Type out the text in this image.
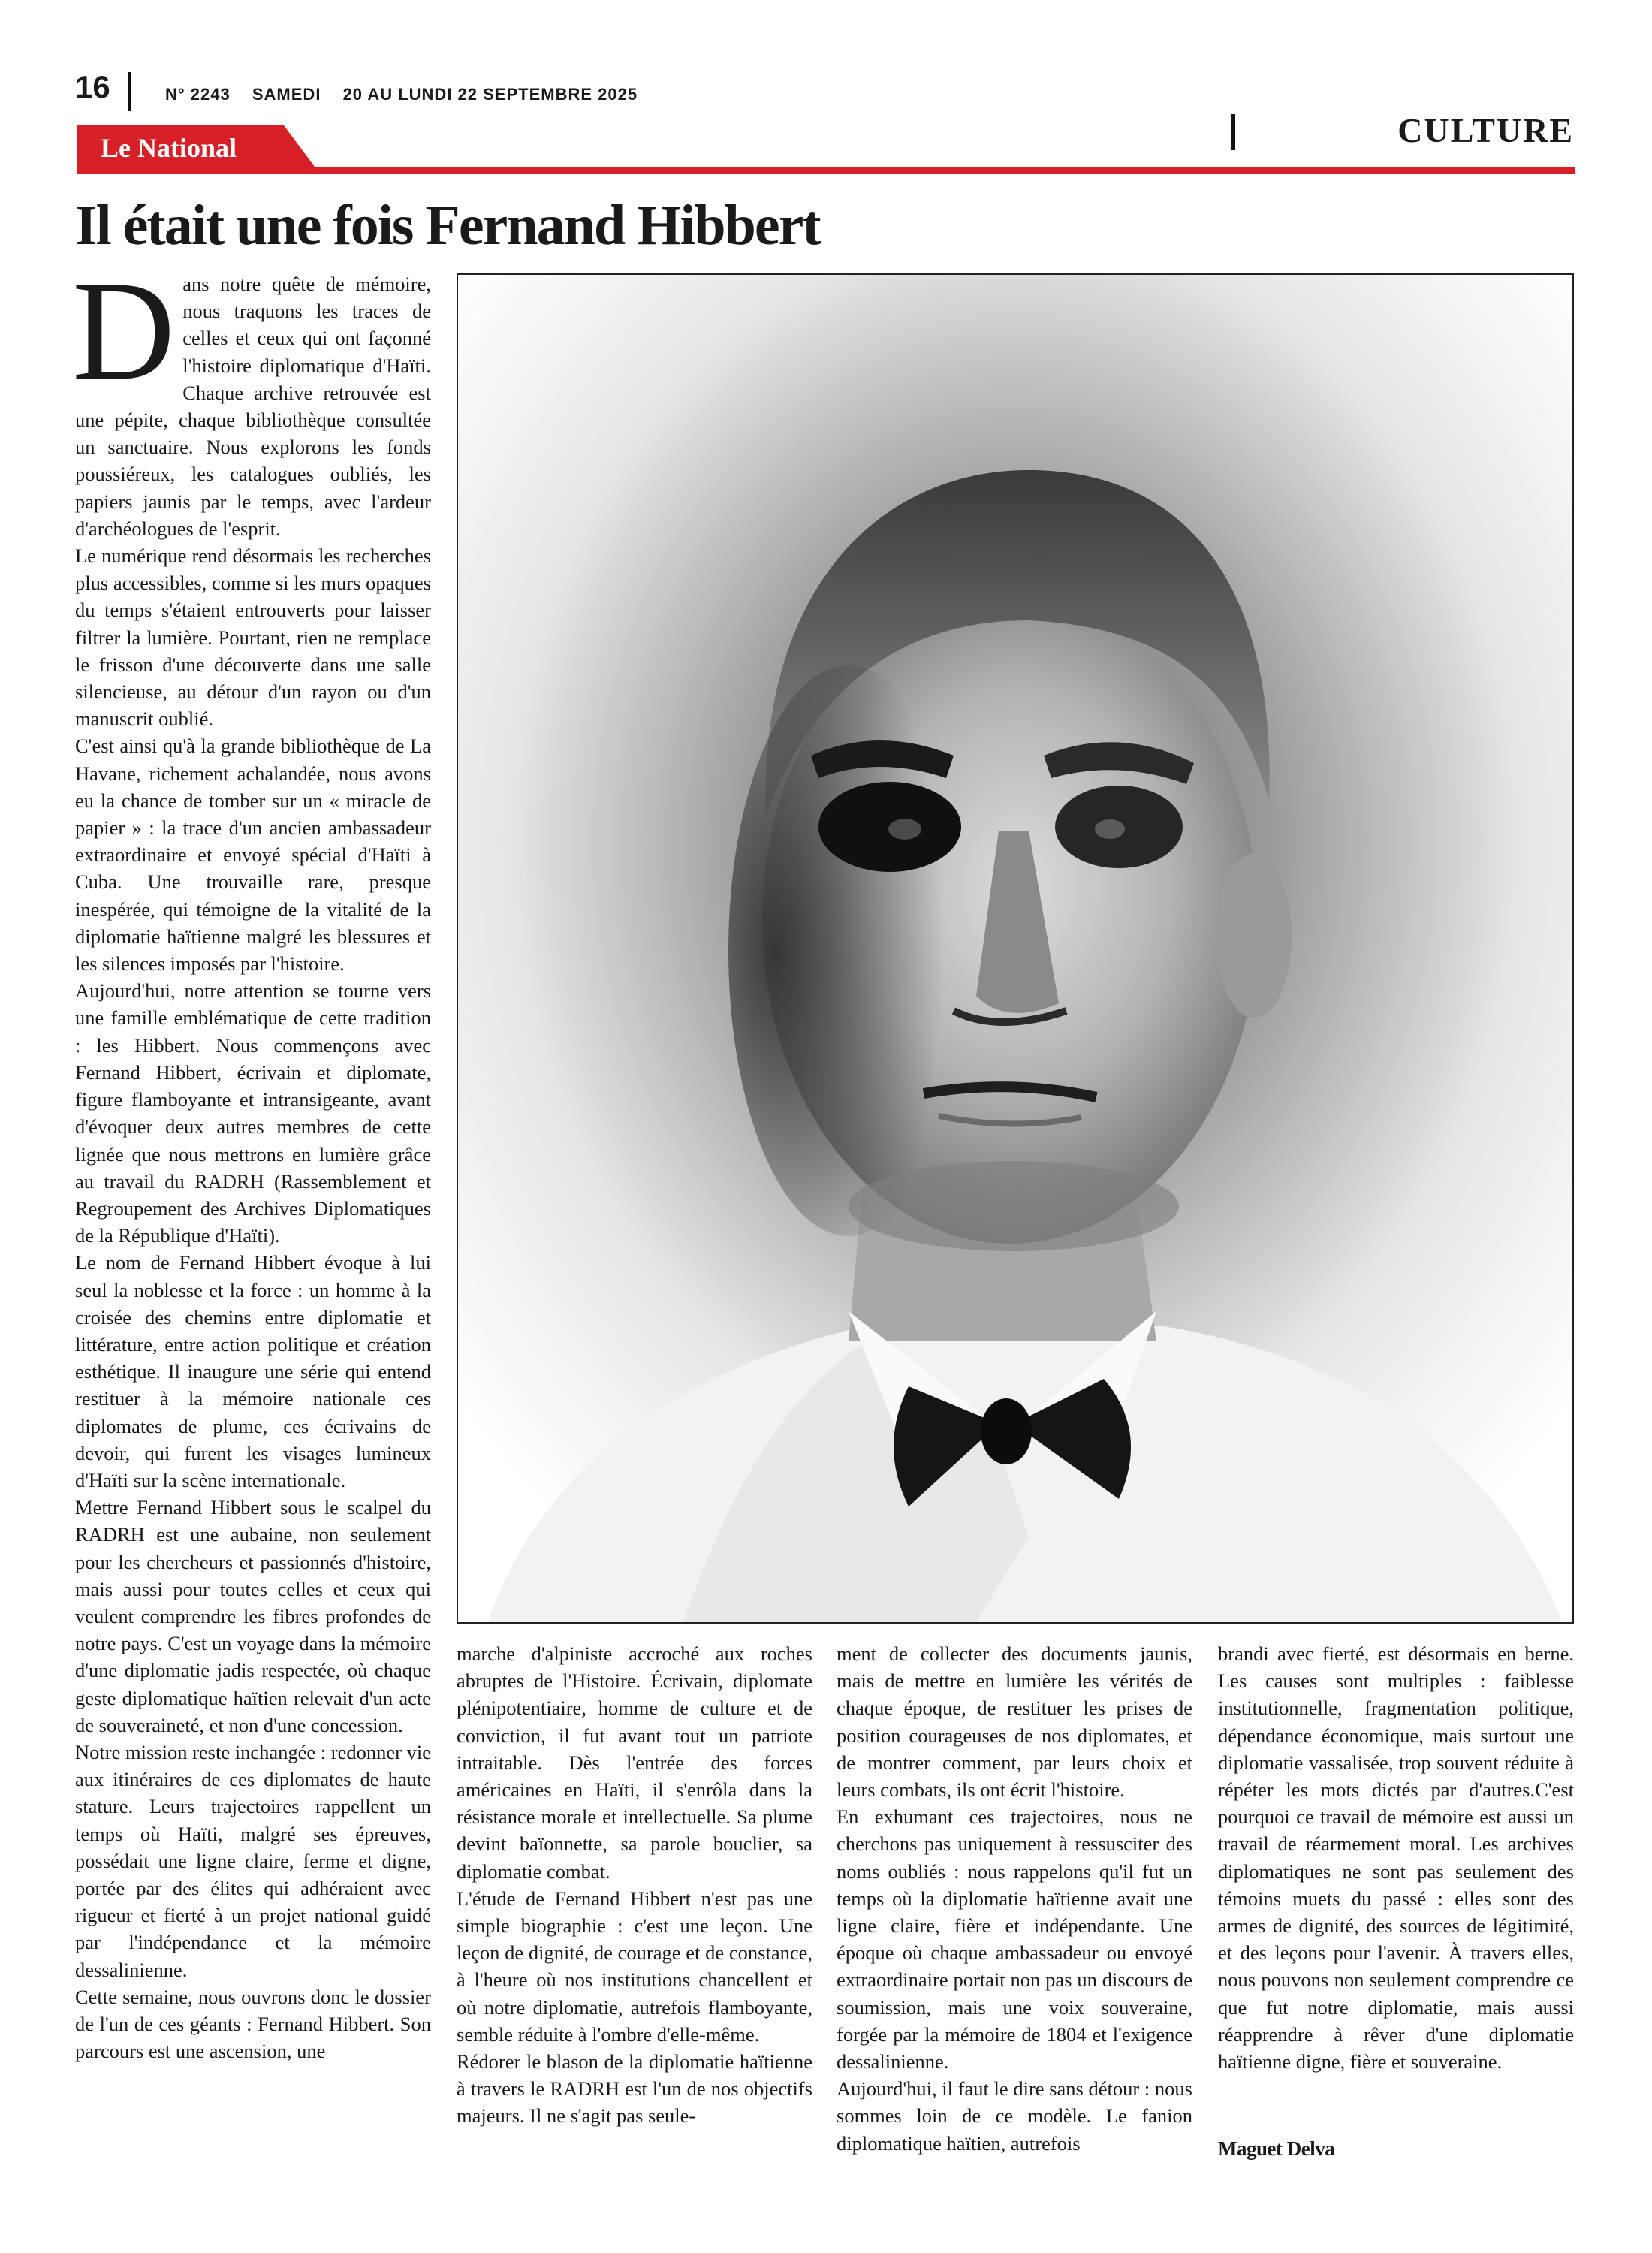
16	N° 2243 SAMEDI 20 AU LUNDI 22 SEPTEMBRE 2025
CULTURE
Le National
Il était une fois Fernand Hibbert

Dans notre quête de mémoire, nous traquons les traces de celles et ceux qui ont façonné l'histoire diplomatique d'Haïti. Chaque archive retrouvée est une pépite, chaque bibliothèque consultée un sanctuaire. Nous explorons les fonds poussiéreux, les catalogues oubliés, les papiers jaunis par le temps, avec l'ardeur d'archéologues de l'esprit.

Le numérique rend désormais les recherches plus accessibles, comme si les murs opaques du temps s'étaient entrouverts pour laisser filtrer la lumière. Pourtant, rien ne remplace le frisson d'une découverte dans une salle silencieuse, au détour d'un rayon ou d'un manuscrit oublié.

C'est ainsi qu'à la grande bibliothèque de La Havane, richement achalandée, nous avons eu la chance de tomber sur un « miracle de papier » : la trace d'un ancien ambassadeur extraordinaire et envoyé spécial d'Haïti à Cuba. Une trouvaille rare, presque inespérée, qui témoigne de la vitalité de la diplomatie haïtienne malgré les blessures et les silences imposés par l'histoire.

Aujourd'hui, notre attention se tourne vers une famille emblématique de cette tradition : les Hibbert. Nous commençons avec Fernand Hibbert, écrivain et diplomate, figure flamboyante et intransigeante, avant d'évoquer deux autres membres de cette lignée que nous mettrons en lumière grâce au travail du RADRH (Rassemblement et Regroupement des Archives Diplomatiques de la République d'Haïti).

Le nom de Fernand Hibbert évoque à lui seul la noblesse et la force : un homme à la croisée des chemins entre diplomatie et littérature, entre action politique et création esthétique. Il inaugure une série qui entend restituer à la mémoire nationale ces diplomates de plume, ces écrivains de devoir, qui furent les visages lumineux d'Haïti sur la scène internationale.

Mettre Fernand Hibbert sous le scalpel du RADRH est une aubaine, non seulement pour les chercheurs et passionnés d'histoire, mais aussi pour toutes celles et ceux qui veulent comprendre les fibres profondes de notre pays. C'est un voyage dans la mémoire d'une diplomatie jadis respectée, où chaque geste diplomatique haïtien relevait d'un acte de souveraineté, et non d'une concession.

Notre mission reste inchangée : redonner vie aux itinéraires de ces diplomates de haute stature. Leurs trajectoires rappellent un temps où Haïti, malgré ses épreuves, possédait une ligne claire, ferme et digne, portée par des élites qui adhéraient avec rigueur et fierté à un projet national guidé par l'indépendance et la mémoire dessalinienne.

Cette semaine, nous ouvrons donc le dossier de l'un de ces géants : Fernand Hibbert. Son parcours est une ascension, une

marche d'alpiniste accroché aux roches abruptes de l'Histoire. Écrivain, diplomate plénipotentiaire, homme de culture et de conviction, il fut avant tout un patriote intraitable. Dès l'entrée des forces américaines en Haïti, il s'enrôla dans la résistance morale et intellectuelle. Sa plume devint baïonnette, sa parole bouclier, sa diplomatie combat.

L'étude de Fernand Hibbert n'est pas une simple biographie : c'est une leçon. Une leçon de dignité, de courage et de constance, à l'heure où nos institutions chancellent et où notre diplomatie, autrefois flamboyante, semble réduite à l'ombre d'elle-même.

Rédorer le blason de la diplomatie haïtienne à travers le RADRH est l'un de nos objectifs majeurs. Il ne s'agit pas seule-

ment de collecter des documents jaunis, mais de mettre en lumière les vérités de chaque époque, de restituer les prises de position courageuses de nos diplomates, et de montrer comment, par leurs choix et leurs combats, ils ont écrit l'histoire.

En exhumant ces trajectoires, nous ne cherchons pas uniquement à ressusciter des noms oubliés : nous rappelons qu'il fut un temps où la diplomatie haïtienne avait une ligne claire, fière et indépendante. Une époque où chaque ambassadeur ou envoyé extraordinaire portait non pas un discours de soumission, mais une voix souveraine, forgée par la mémoire de 1804 et l'exigence dessalinienne.

Aujourd'hui, il faut le dire sans détour : nous sommes loin de ce modèle. Le fanion diplomatique haïtien, autrefois

brandi avec fierté, est désormais en berne. Les causes sont multiples : faiblesse institutionnelle, fragmentation politique, dépendance économique, mais surtout une diplomatie vassalisée, trop souvent réduite à répéter les mots dictés par d'autres.C'est pourquoi ce travail de mémoire est aussi un travail de réarmement moral. Les archives diplomatiques ne sont pas seulement des témoins muets du passé : elles sont des armes de dignité, des sources de légitimité, et des leçons pour l'avenir. À travers elles, nous pouvons non seulement comprendre ce que fut notre diplomatie, mais aussi réapprendre à rêver d'une diplomatie haïtienne digne, fière et souveraine.

Maguet Delva
